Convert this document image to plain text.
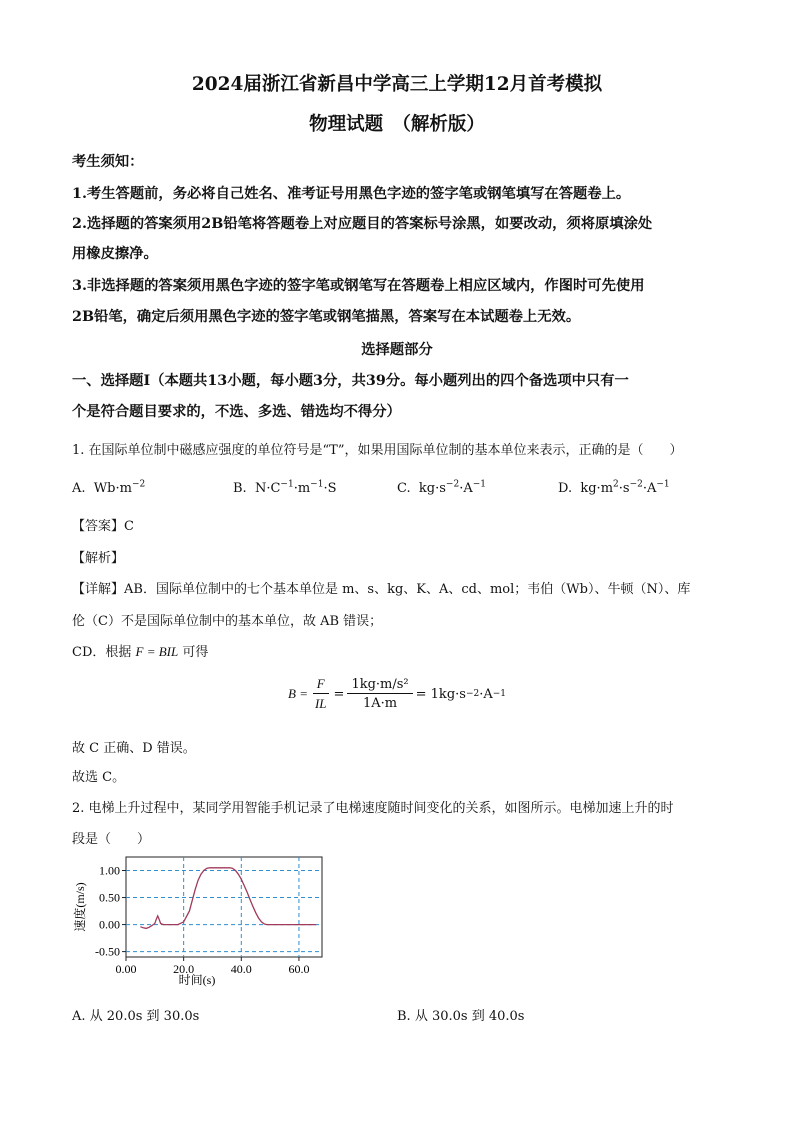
2024届浙江省新昌中学高三上学期12月首考模拟
物理试题　（解析版）
考生须知：
1.考生答题前，务必将自己姓名、准考证号用黑色字迹的签字笔或钢笔填写在答题卷上。
2.选择题的答案须用2B铅笔将答题卷上对应题目的答案标号涂黑，如要改动，须将原填涂处
用橡皮擦净。
3.非选择题的答案须用黑色字迹的签字笔或钢笔写在答题卷上相应区域内，作图时可先使用
2B铅笔，确定后须用黑色字迹的签字笔或钢笔描黑，答案写在本试题卷上无效。
选择题部分
一、选择题Ⅰ（本题共13小题，每小题3分，共39分。每小题列出的四个备选项中只有一
个是符合题目要求的，不选、多选、错选均不得分）
1. 在国际单位制中磁感应强度的单位符号是“T”，如果用国际单位制的基本单位来表示，正确的是（　　）
A. $Wb\cdot m^{-2}$	B. $N\cdot C^{-1}\cdot m^{-1}\cdot S$	C. $kg\cdot s^{-2}\cdot A^{-1}$	D. $kg\cdot m^2\cdot s^{-2}\cdot A^{-1}$
【答案】C
【解析】
【详解】AB．国际单位制中的七个基本单位是 m、s、kg、K、A、cd、mol；韦伯（Wb）、牛顿（N）、库
伦（C）不是国际单位制中的基本单位，故 AB 错误；
CD．根据 F = BIL 可得
$B = \frac{F}{IL} = \frac{\text{1kg·m/s²}}{1A\cdot m} = 1kg\cdot s -2 \cdot A -1$
故 C 正确、D 错误。
故选 C。
2. 电梯上升过程中，某同学用智能手机记录了电梯速度随时间变化的关系，如图所示。电梯加速上升的时
段是（　　）
1.00
0.50
0.00
-0.50
0.00	20.0	40.0	60.0
时间(s)
速度(m/s)
A. 从 20.0s 到 30.0s	B. 从 30.0s 到 40.0s
